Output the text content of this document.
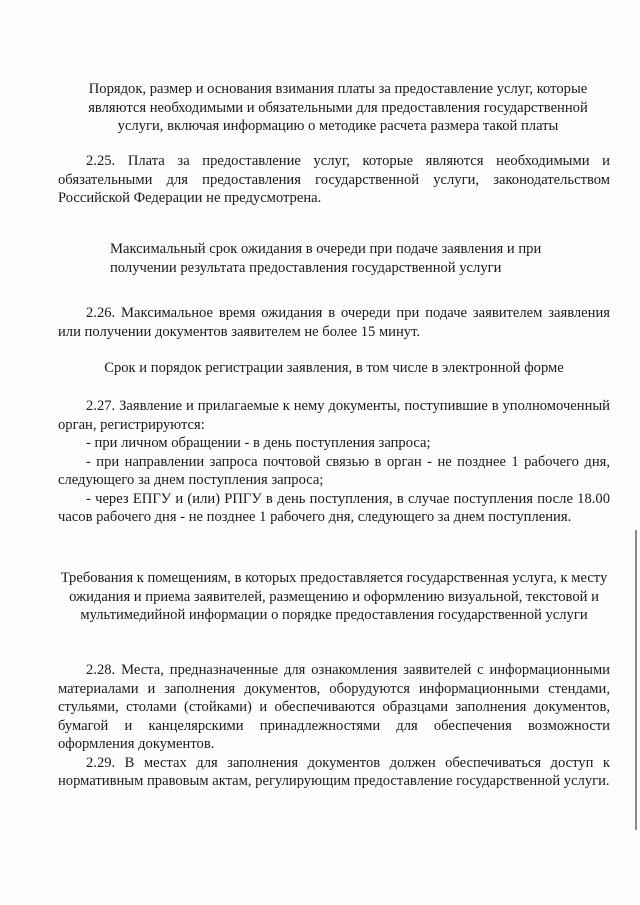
Порядок, размер и основания взимания платы за предоставление услуг, которые являются необходимыми и обязательными для предоставления государственной услуги, включая информацию о методике расчета размера такой платы

2.25. Плата за предоставление услуг, которые являются необходимыми и обязательными для предоставления государственной услуги, законодательством Российской Федерации не предусмотрена.

Максимальный срок ожидания в очереди при подаче заявления и при получении результата предоставления государственной услуги

2.26. Максимальное время ожидания в очереди при подаче заявителем заявления или получении документов заявителем не более 15 минут.

Срок и порядок регистрации заявления, в том числе в электронной форме

2.27. Заявление и прилагаемые к нему документы, поступившие в уполномоченный орган, регистрируются:

- при личном обращении - в день поступления запроса;

- при направлении запроса почтовой связью в орган - не позднее 1 рабочего дня, следующего за днем поступления запроса;

- через ЕПГУ и (или) РПГУ в день поступления, в случае поступления после 18.00 часов рабочего дня - не позднее 1 рабочего дня, следующего за днем поступления.

Требования к помещениям, в которых предоставляется государственная услуга, к месту ожидания и приема заявителей, размещению и оформлению визуальной, текстовой и мультимедийной информации о порядке предоставления государственной услуги

2.28. Места, предназначенные для ознакомления заявителей с информационными материалами и заполнения документов, оборудуются информационными стендами, стульями, столами (стойками) и обеспечиваются образцами заполнения документов, бумагой и канцелярскими принадлежностями для обеспечения возможности оформления документов.

2.29. В местах для заполнения документов должен обеспечиваться доступ к нормативным правовым актам, регулирующим предоставление государственной услуги.
